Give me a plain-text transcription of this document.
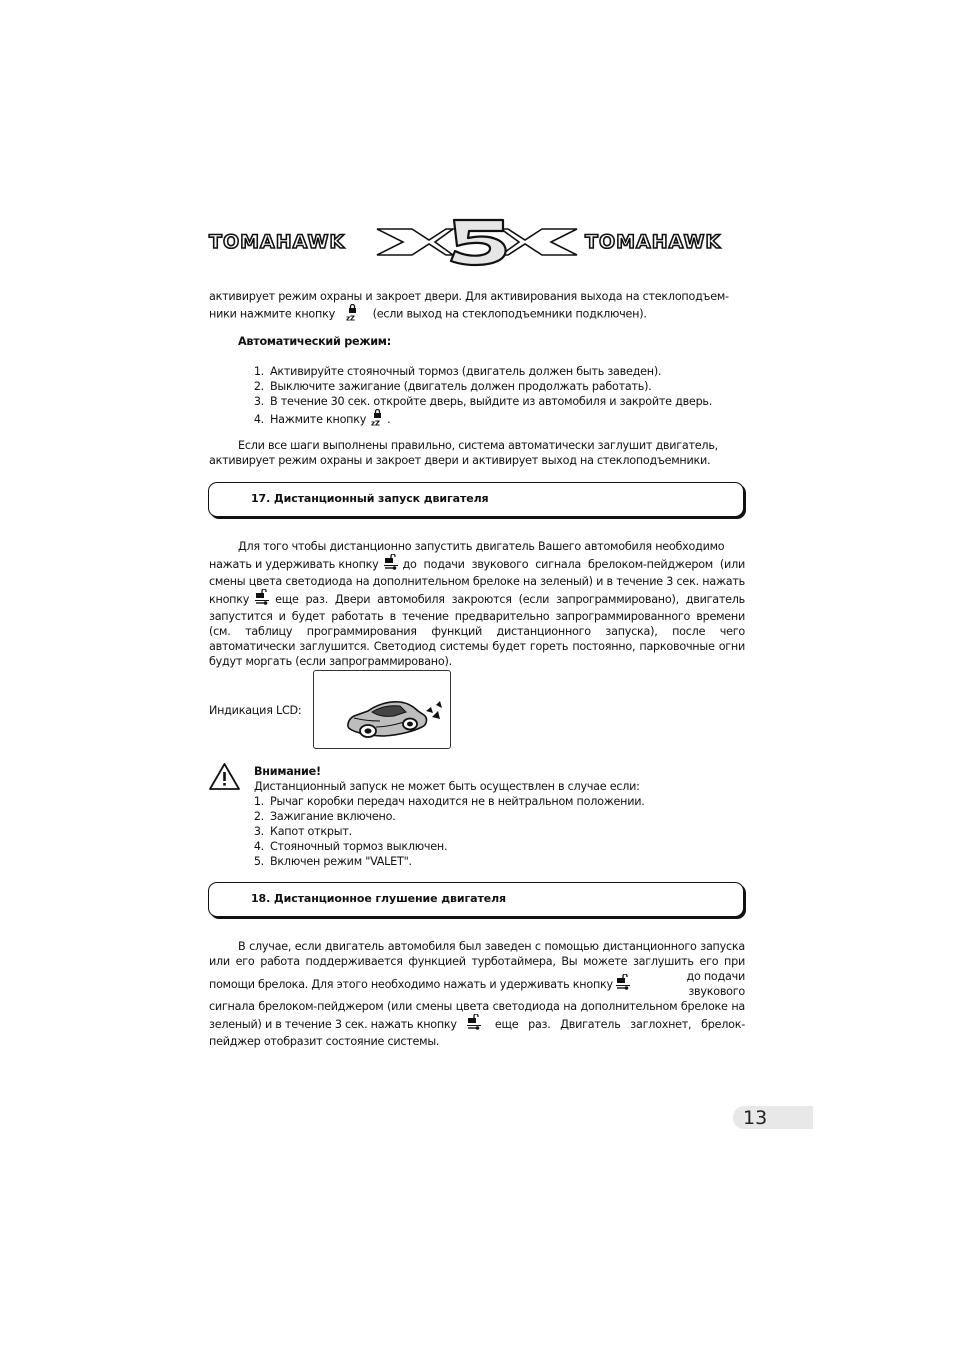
TOMAHAWK	TOMAHAWK
активирует режим охраны и закроет двери. Для активирования выхода на стеклоподъем-
ники нажмите кнопку zZ (если выход на стеклоподъемники подключен).
Автоматический режим:
1. Активируйте стояночный тормоз (двигатель должен быть заведен).
2. Выключите зажигание (двигатель должен продолжать работать).
3. В течение 30 сек. откройте дверь, выйдите из автомобиля и закройте дверь.
4. Нажмите кнопку zZ .
Если все шаги выполнены правильно, система автоматически заглушит двигатель,
активирует режим охраны и закроет двери и активирует выход на стеклоподъемники.
17. Дистанционный запуск двигателя
Для того чтобы дистанционно запустить двигатель Вашего автомобиля необходимо
нажать и удерживать кнопку до подачи звукового сигнала брелоком-пейджером (или
смены цвета светодиода на дополнительном брелоке на зеленый) и в течение 3 сек. нажать
кнопку еще раз. Двери автомобиля закроются (если запрограммировано), двигатель
запустится и будет работать в течение предварительно запрограммированного времени
(см. таблицу программирования функций дистанционного запуска), после чего
автоматически заглушится. Светодиод системы будет гореть постоянно, парковочные огни
будут моргать (если запрограммировано).
Индикация LCD:
Внимание!
Дистанционный запуск не может быть осуществлен в случае если:
1. Рычаг коробки передач находится не в нейтральном положении.
2. Зажигание включено.
3. Капот открыт.
4. Стояночный тормоз выключен.
5. Включен режим "VALET".
18. Дистанционное глушение двигателя
В случае, если двигатель автомобиля был заведен с помощью дистанционного запуска
или его работа поддерживается функцией турботаймера, Вы можете заглушить его при
помощи брелока. Для этого необходимо нажать и удерживать кнопку
до подачи звукового
сигнала брелоком-пейджером (или смены цвета светодиода на дополнительном брелоке на
зеленый) и в течение 3 сек. нажать кнопку	еще раз. Двигатель заглохнет, брелок-
пейджер отобразит состояние системы.
13
